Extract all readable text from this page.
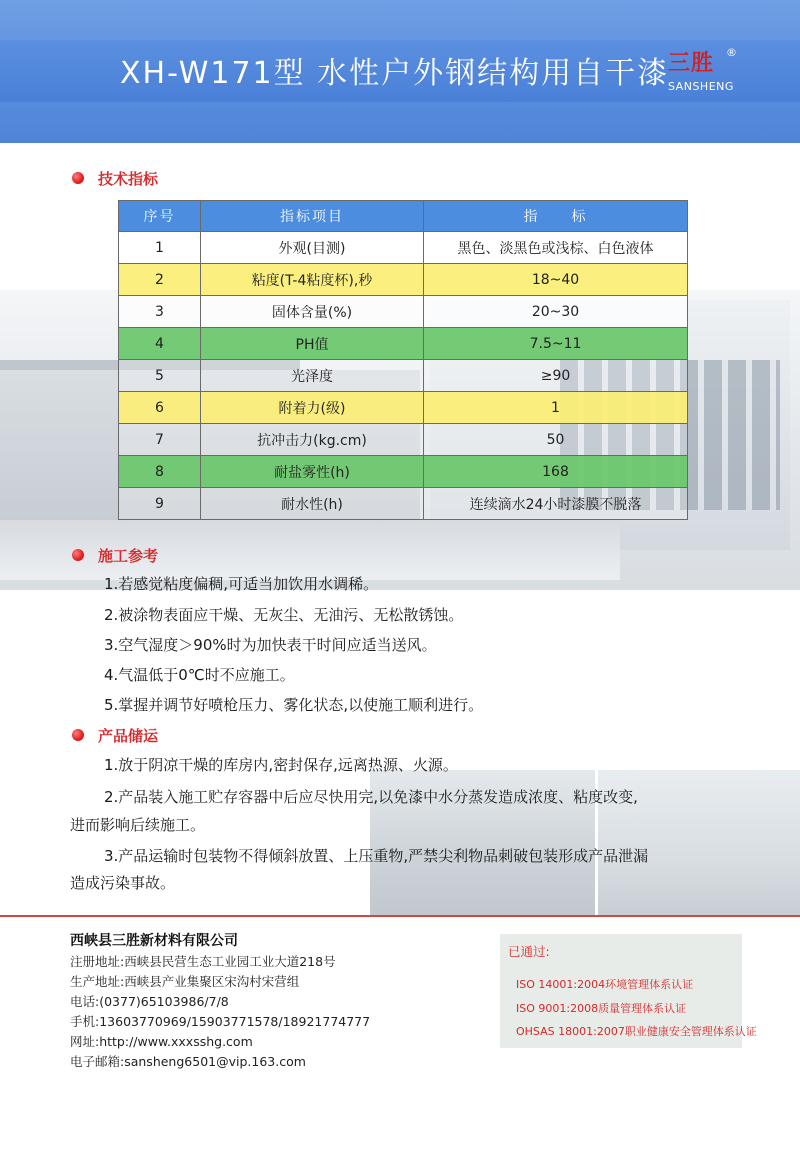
XH-W171型 水性户外钢结构用自干漆
三胜 ®
SANSHENG
技术指标
序号	指标项目	指　　标
1	外观(目测)	黑色、淡黑色或浅棕、白色液体
2	粘度(T-4粘度杯),秒	18~40
3	固体含量(%)	20~30
4	PH值	7.5~11
5	光泽度	≥90
6	附着力(级)	1
7	抗冲击力(kg.cm)	50
8	耐盐雾性(h)	168
9	耐水性(h)	连续滴水24小时漆膜不脱落
施工参考
1.若感觉粘度偏稠,可适当加饮用水调稀。
2.被涂物表面应干燥、无灰尘、无油污、无松散锈蚀。
3.空气湿度＞90%时为加快表干时间应适当送风。
4.气温低于0℃时不应施工。
5.掌握并调节好喷枪压力、雾化状态,以使施工顺利进行。
产品储运
1.放于阴凉干燥的库房内,密封保存,远离热源、火源。
2.产品装入施工贮存容器中后应尽快用完,以免漆中水分蒸发造成浓度、粘度改变,
进而影响后续施工。
3.产品运输时包装物不得倾斜放置、上压重物,严禁尖利物品刺破包装形成产品泄漏
造成污染事故。
西峡县三胜新材料有限公司
注册地址:西峡县民营生态工业园工业大道218号
生产地址:西峡县产业集聚区宋沟村宋营组
电话:(0377)65103986/7/8
手机:13603770969/15903771578/18921774777
网址:http://www.xxxsshg.com
电子邮箱:sansheng6501@vip.163.com
已通过:
ISO 14001:2004环境管理体系认证
ISO 9001:2008质量管理体系认证
OHSAS 18001:2007职业健康安全管理体系认证
